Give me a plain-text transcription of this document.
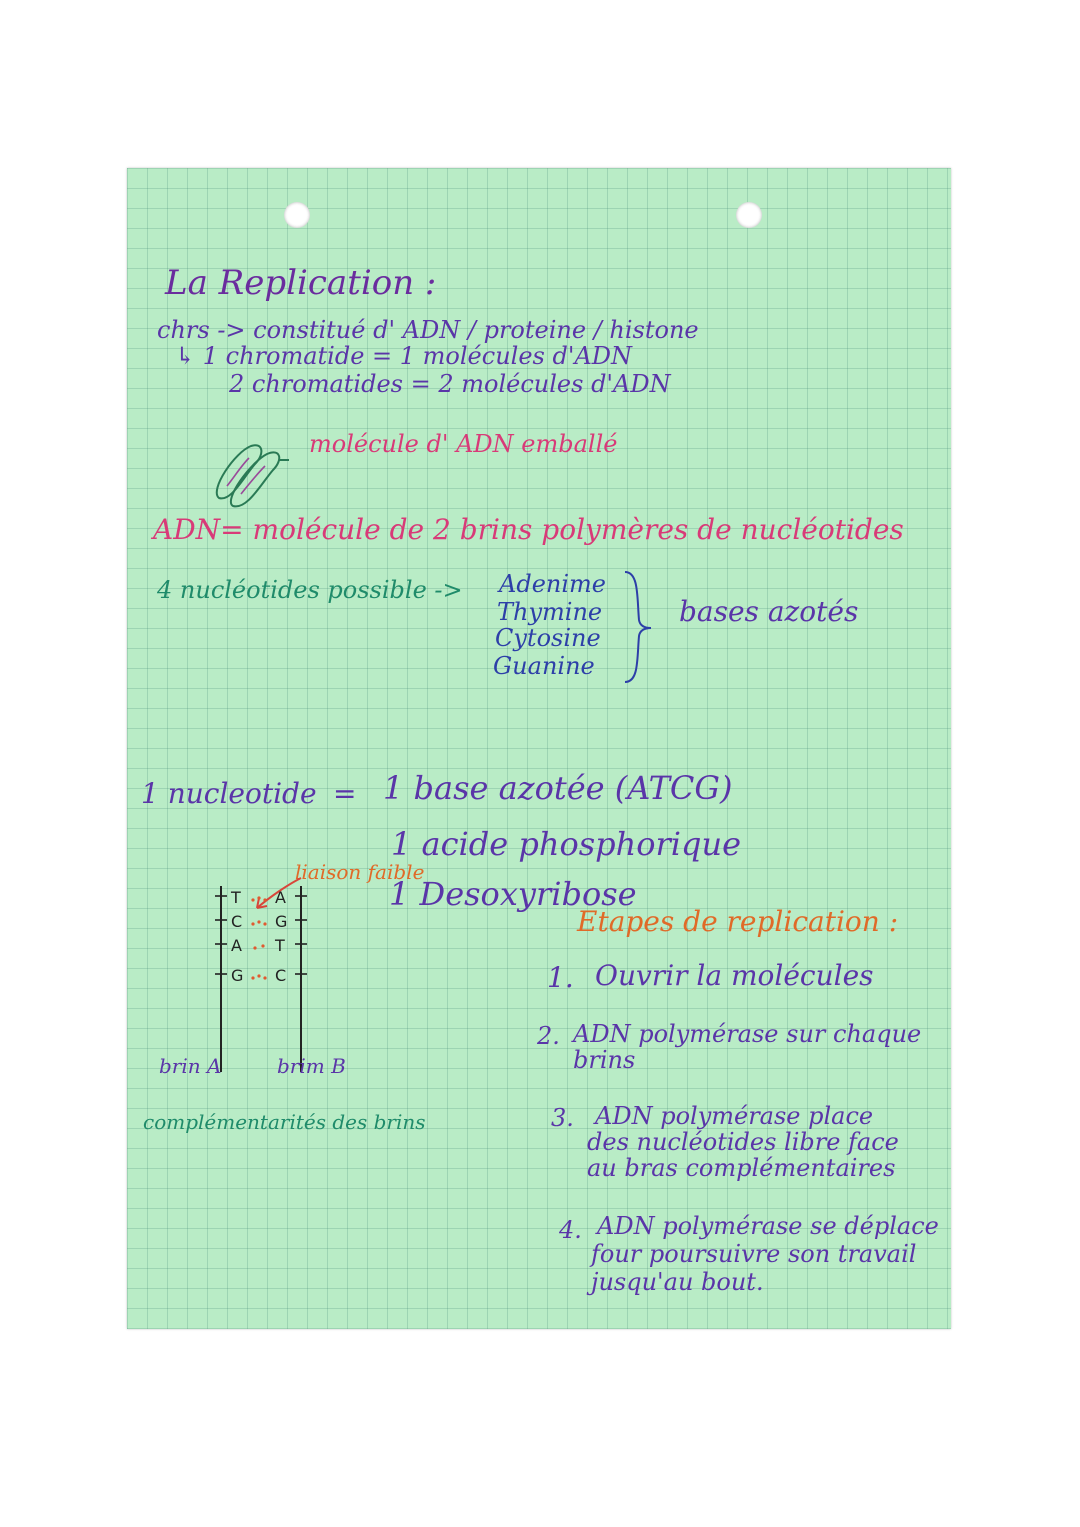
La Replication :
chrs -> constitué d' ADN / proteine / histone
↳ 1 chromatide = 1 molécules d'ADN
2 chromatides = 2 molécules d'ADN
molécule d' ADN emballé
ADN= molécule de 2 brins polymères de nucléotides
4 nucléotides possible -> Adenime
Thymine
Cytosine
Guanine
bases azotés
1 nucleotide = 1 base azotée (ATCG)
1 acide phosphorique
1 Desoxyribose
liaison faible
T
C
A
G
A
G
T
C
brin A	brim B
complémentarités des brins
Etapes de replication :
1. Ouvrir la molécules
2. ADN polymérase sur chaque
brins
3. ADN polymérase place
des nucléotides libre face
au bras complémentaires
4. ADN polymérase se déplace
four poursuivre son travail
jusqu'au bout.
